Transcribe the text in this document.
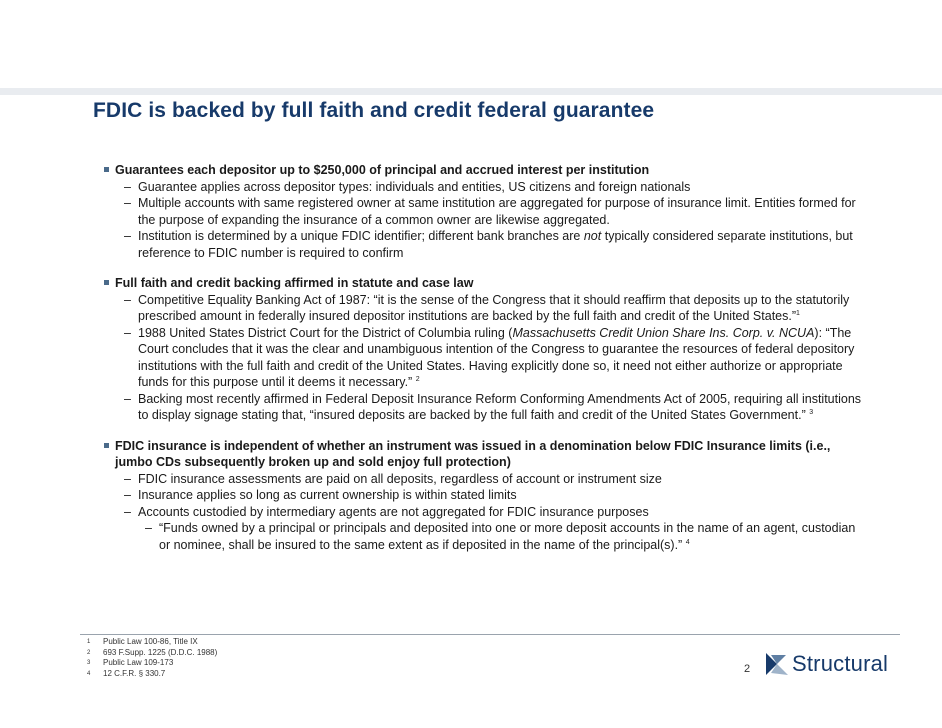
FDIC is backed by full faith and credit federal guarantee
Guarantees each depositor up to $250,000 of principal and accrued interest per institution
– Guarantee applies across depositor types: individuals and entities, US citizens and foreign nationals
– Multiple accounts with same registered owner at same institution are aggregated for purpose of insurance limit. Entities formed for the purpose of expanding the insurance of a common owner are likewise aggregated.
– Institution is determined by a unique FDIC identifier; different bank branches are not typically considered separate institutions, but reference to FDIC number is required to confirm
Full faith and credit backing affirmed in statute and case law
– Competitive Equality Banking Act of 1987: “it is the sense of the Congress that it should reaffirm that deposits up to the statutorily prescribed amount in federally insured depositor institutions are backed by the full faith and credit of the United States.”$^1$
– 1988 United States District Court for the District of Columbia ruling (Massachusetts Credit Union Share Ins. Corp. v. NCUA): “The Court concludes that it was the clear and unambiguous intention of the Congress to guarantee the resources of federal depository institutions with the full faith and credit of the United States. Having explicitly done so, it need not either authorize or appropriate funds for this purpose until it deems it necessary.” $^2$
– Backing most recently affirmed in Federal Deposit Insurance Reform Conforming Amendments Act of 2005, requiring all institutions to display signage stating that, “insured deposits are backed by the full faith and credit of the United States Government.” $^3$
FDIC insurance is independent of whether an instrument was issued in a denomination below FDIC Insurance limits (i.e., jumbo CDs subsequently broken up and sold enjoy full protection)
– FDIC insurance assessments are paid on all deposits, regardless of account or instrument size
– Insurance applies so long as current ownership is within stated limits
– Accounts custodied by intermediary agents are not aggregated for FDIC insurance purposes
– “Funds owned by a principal or principals and deposited into one or more deposit accounts in the name of an agent, custodian or nominee, shall be insured to the same extent as if deposited in the name of the principal(s).” $^4$
1 Public Law 100-86, Title IX
2 693 F.Supp. 1225 (D.D.C. 1988)
3 Public Law 109-173
4 12 C.F.R. § 330.7	2 Structural
